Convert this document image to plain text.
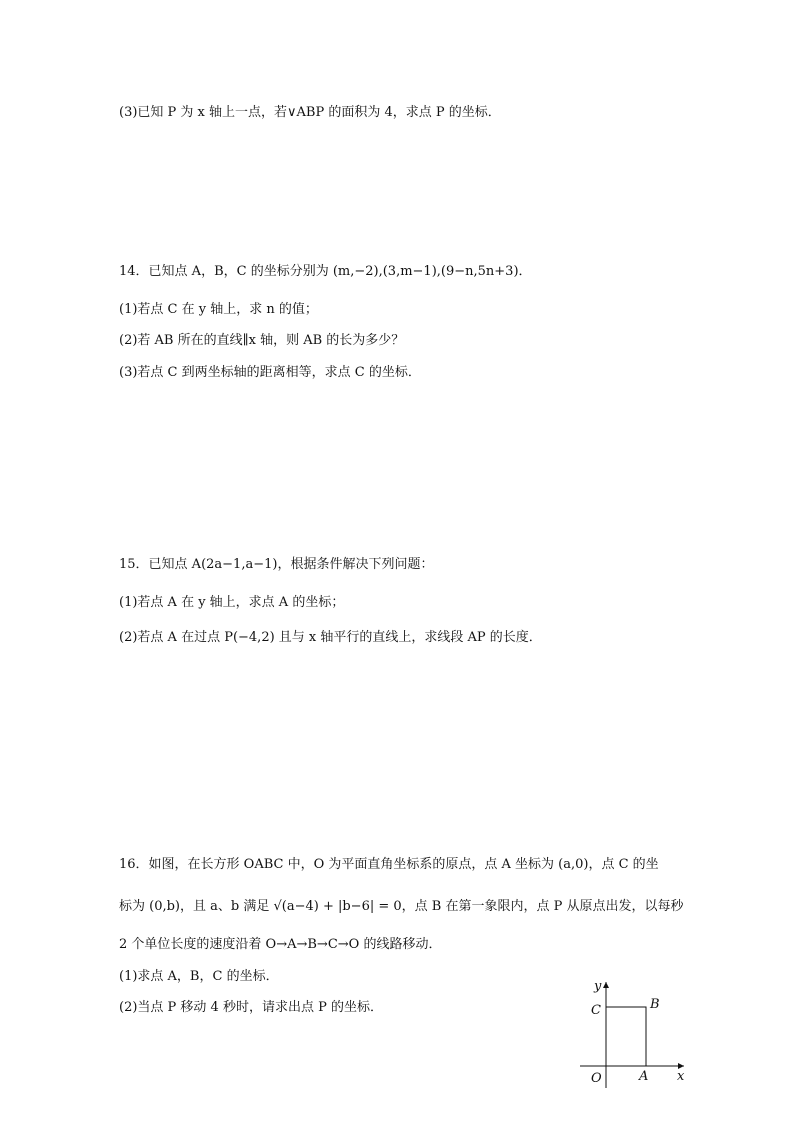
(3)已知 P 为 x 轴上一点，若∨ABP 的面积为 4，求点 P 的坐标．
14．已知点 A，B，C 的坐标分别为 (m,−2),(3,m−1),(9−n,5n+3)．
(1)若点 C 在 y 轴上，求 n 的值；
(2)若 AB 所在的直线∥x 轴，则 AB 的长为多少？
(3)若点 C 到两坐标轴的距离相等，求点 C 的坐标．
15．已知点 A(2a−1,a−1)，根据条件解决下列问题：
(1)若点 A 在 y 轴上，求点 A 的坐标；
(2)若点 A 在过点 P(−4,2) 且与 x 轴平行的直线上，求线段 AP 的长度．
16．如图，在长方形 OABC 中，O 为平面直角坐标系的原点，点 A 坐标为 (a,0)，点 C 的坐
标为 (0,b)，且 a、b 满足 √(a−4) + |b−6| = 0，点 B 在第一象限内，点 P 从原点出发，以每秒
2 个单位长度的速度沿着 O→A→B→C→O 的线路移动．
(1)求点 A，B，C 的坐标．
(2)当点 P 移动 4 秒时，请求出点 P 的坐标．
y
x
O	A
B
C
